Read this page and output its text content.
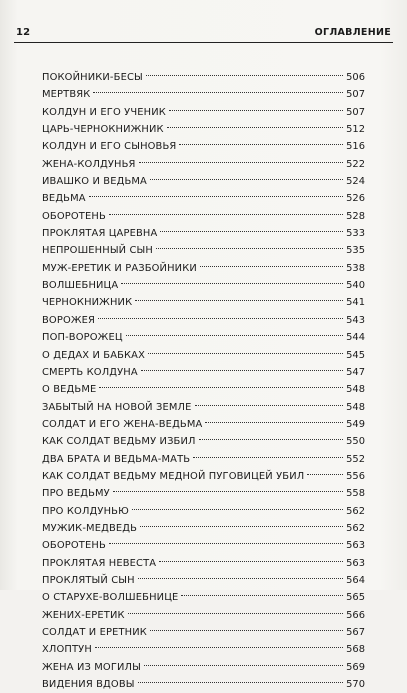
12	ОГЛАВЛЕНИЕ
ПОКОЙНИКИ-БЕСЫ	506
МЕРТВЯК	507
КОЛДУН И ЕГО УЧЕНИК	507
ЦАРЬ-ЧЕРНОКНИЖНИК	512
КОЛДУН И ЕГО СЫНОВЬЯ	516
ЖЕНА-КОЛДУНЬЯ	522
ИВАШКО И ВЕДЬМА	524
ВЕДЬМА	526
ОБОРОТЕНЬ	528
ПРОКЛЯТАЯ ЦАРЕВНА	533
НЕПРОШЕННЫЙ СЫН	535
МУЖ-ЕРЕТИК И РАЗБОЙНИКИ	538
ВОЛШЕБНИЦА	540
ЧЕРНОКНИЖНИК	541
ВОРОЖЕЯ	543
ПОП-ВОРОЖЕЦ	544
О ДЕДАХ И БАБКАХ	545
СМЕРТЬ КОЛДУНА	547
О ВЕДЬМЕ	548
ЗАБЫТЫЙ НА НОВОЙ ЗЕМЛЕ	548
СОЛДАТ И ЕГО ЖЕНА-ВЕДЬМА	549
КАК СОЛДАТ ВЕДЬМУ ИЗБИЛ	550
ДВА БРАТА И ВЕДЬМА-МАТЬ	552
КАК СОЛДАТ ВЕДЬМУ МЕДНОЙ ПУГОВИЦЕЙ УБИЛ	556
ПРО ВЕДЬМУ	558
ПРО КОЛДУНЬЮ	562
МУЖИК-МЕДВЕДЬ	562
ОБОРОТЕНЬ	563
ПРОКЛЯТАЯ НЕВЕСТА	563
ПРОКЛЯТЫЙ СЫН	564
О СТАРУХЕ-ВОЛШЕБНИЦЕ	565
ЖЕНИХ-ЕРЕТИК	566
СОЛДАТ И ЕРЕТНИК	567
ХЛОПТУН	568
ЖЕНА ИЗ МОГИЛЫ	569
ВИДЕНИЯ ВДОВЫ	570
